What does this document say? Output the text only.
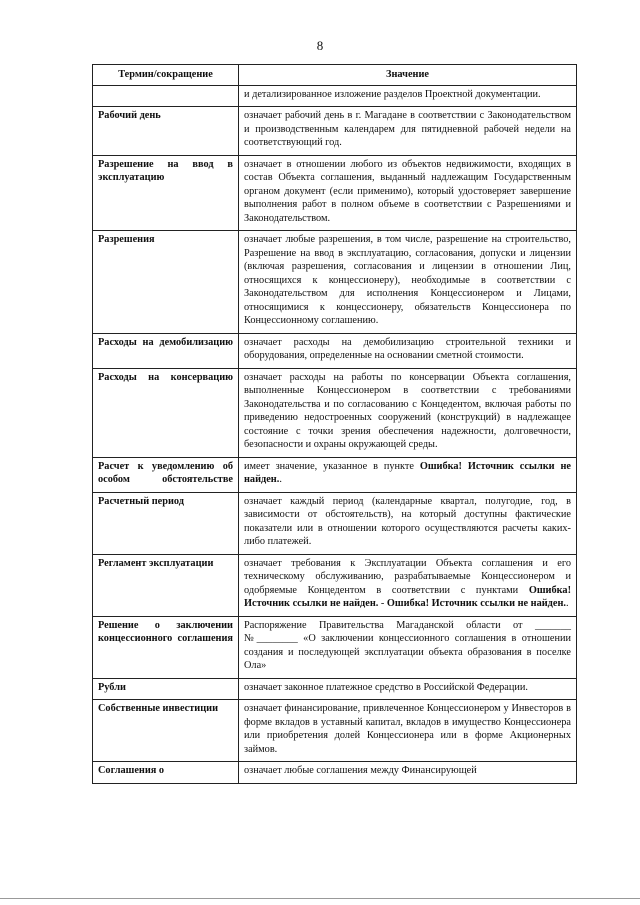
8
Термин/сокращение	Значение
	и детализированное изложение разделов Проектной документации.
Рабочий день	означает рабочий день в г. Магадане в соответствии с Законодательством и производственным календарем для пятидневной рабочей недели на соответствующий год.
Разрешение на ввод в эксплуатацию	означает в отношении любого из объектов недвижимости, входящих в состав Объекта соглашения, выданный надлежащим Государственным органом документ (если применимо), который удостоверяет завершение выполнения работ в полном объеме в соответствии с Разрешениями и Законодательством.
Разрешения	означает любые разрешения, в том числе, разрешение на строительство, Разрешение на ввод в эксплуатацию, согласования, допуски и лицензии (включая разрешения, согласования и лицензии в отношении Лиц, относящихся к концессионеру), необходимые в соответствии с Законодательством для исполнения Концессионером и Лицами, относящимися к концессионеру, обязательств Концессионера по Концессионному соглашению.
Расходы на демобилизацию	означает расходы на демобилизацию строительной техники и оборудования, определенные на основании сметной стоимости.
Расходы на консервацию	означает расходы на работы по консервации Объекта соглашения, выполненные Концессионером в соответствии с требованиями Законодательства и по согласованию с Концедентом, включая работы по приведению недостроенных сооружений (конструкций) в надлежащее состояние с точки зрения обеспечения надежности, долговечности, безопасности и охраны окружающей среды.
Расчет к уведомлению об особом обстоятельстве	имеет значение, указанное в пункте Ошибка! Источник ссылки не найден..
Расчетный период	означает каждый период (календарные квартал, полугодие, год, в зависимости от обстоятельств), на который доступны фактические показатели или в отношении которого осуществляются расчеты каких-либо платежей.
Регламент эксплуатации	означает требования к Эксплуатации Объекта соглашения и его техническому обслуживанию, разрабатываемые Концессионером и одобряемые Концедентом в соответствии с пунктами Ошибка! Источник ссылки не найден. - Ошибка! Источник ссылки не найден..
Решение о заключении концессионного соглашения	Распоряжение Правительства Магаданской области от _______ №________ «О заключении концессионного соглашения в отношении создания и последующей эксплуатации объекта образования в поселке Ола»
Рубли	означает законное платежное средство в Российской Федерации.
Собственные инвестиции	означает финансирование, привлеченное Концессионером у Инвесторов в форме вкладов в уставный капитал, вкладов в имущество Концессионера или приобретения долей Концессионера или в форме Акционерных займов.
Соглашения о	означает любые соглашения между Финансирующей
